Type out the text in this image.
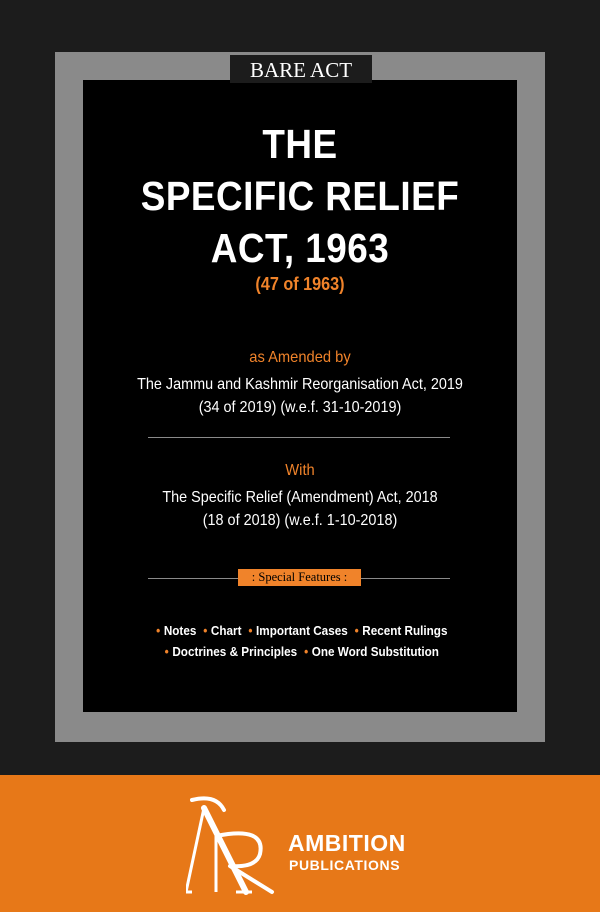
BARE ACT
THE
SPECIFIC RELIEF
ACT, 1963
(47 of 1963)
as Amended by
The Jammu and Kashmir Reorganisation Act, 2019
(34 of 2019) (w.e.f. 31-10-2019)
With
The Specific Relief (Amendment) Act, 2018
(18 of 2018) (w.e.f. 1-10-2018)
: Special Features :
• Notes • Chart • Important Cases • Recent Rulings
• Doctrines & Principles • One Word Substitution
AMBITION
PUBLICATIONS
